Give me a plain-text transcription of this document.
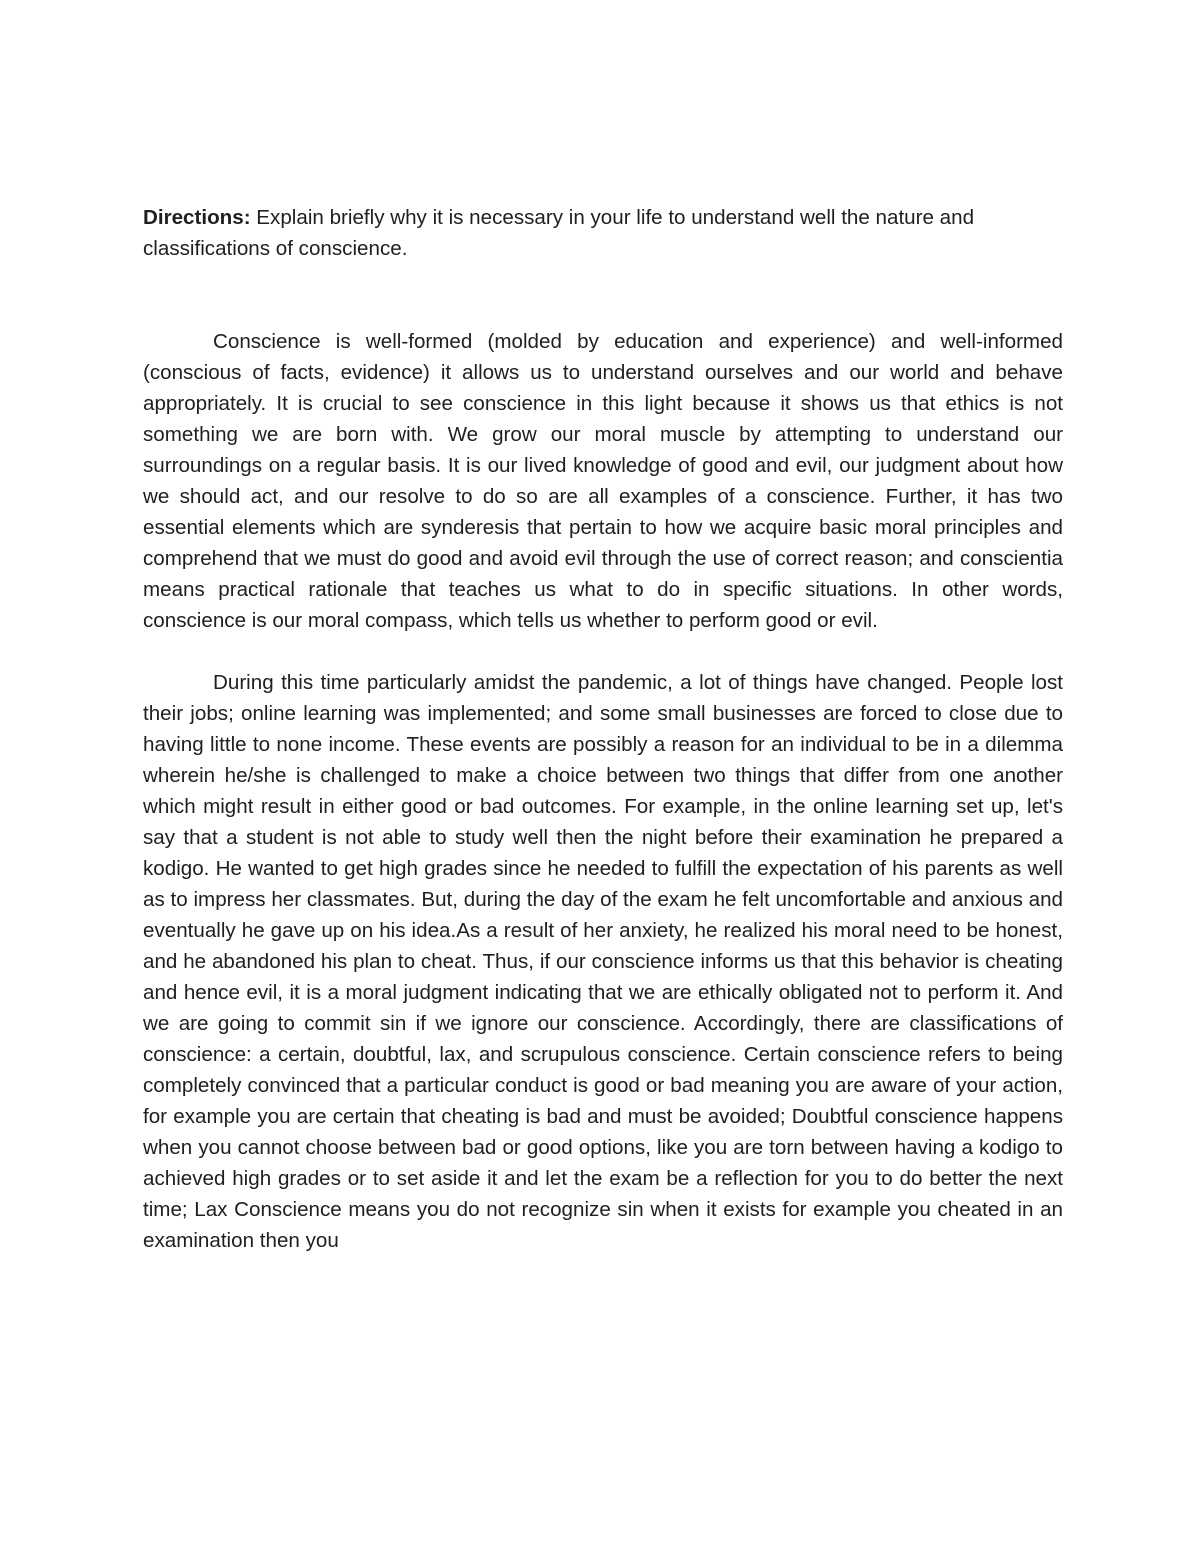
Directions: Explain briefly why it is necessary in your life to understand well the nature and classifications of conscience.

Conscience is well-formed (molded by education and experience) and well-informed (conscious of facts, evidence) it allows us to understand ourselves and our world and behave appropriately. It is crucial to see conscience in this light because it shows us that ethics is not something we are born with. We grow our moral muscle by attempting to understand our surroundings on a regular basis. It is our lived knowledge of good and evil, our judgment about how we should act, and our resolve to do so are all examples of a conscience. Further, it has two essential elements which are synderesis that pertain to how we acquire basic moral principles and comprehend that we must do good and avoid evil through the use of correct reason; and conscientia means practical rationale that teaches us what to do in specific situations. In other words, conscience is our moral compass, which tells us whether to perform good or evil.

During this time particularly amidst the pandemic, a lot of things have changed. People lost their jobs; online learning was implemented; and some small businesses are forced to close due to having little to none income. These events are possibly a reason for an individual to be in a dilemma wherein he/she is challenged to make a choice between two things that differ from one another which might result in either good or bad outcomes. For example, in the online learning set up, let's say that a student is not able to study well then the night before their examination he prepared a kodigo. He wanted to get high grades since he needed to fulfill the expectation of his parents as well as to impress her classmates. But, during the day of the exam he felt uncomfortable and anxious and eventually he gave up on his idea.As a result of her anxiety, he realized his moral need to be honest, and he abandoned his plan to cheat. Thus, if our conscience informs us that this behavior is cheating and hence evil, it is a moral judgment indicating that we are ethically obligated not to perform it. And we are going to commit sin if we ignore our conscience. Accordingly, there are classifications of conscience: a certain, doubtful, lax, and scrupulous conscience. Certain conscience refers to being completely convinced that a particular conduct is good or bad meaning you are aware of your action, for example you are certain that cheating is bad and must be avoided; Doubtful conscience happens when you cannot choose between bad or good options, like you are torn between having a kodigo to achieved high grades or to set aside it and let the exam be a reflection for you to do better the next time; Lax Conscience means you do not recognize sin when it exists for example you cheated in an examination then you
